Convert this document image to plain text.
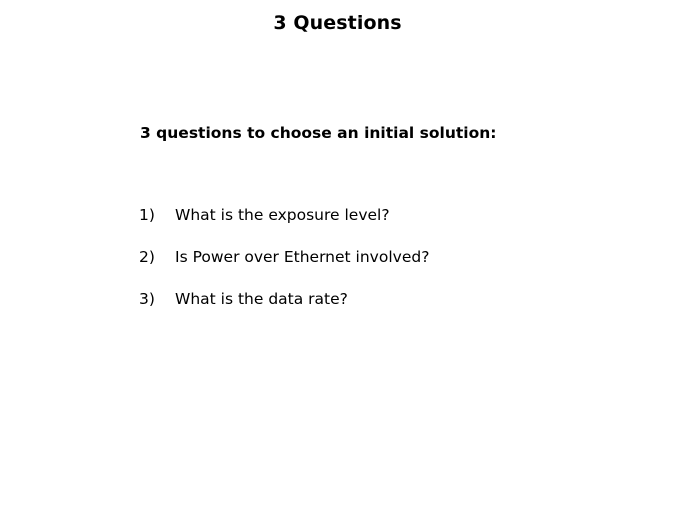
3 Questions
3 questions to choose an initial solution:
1)	What is the exposure level?
2)	Is Power over Ethernet involved?
3)	What is the data rate?
